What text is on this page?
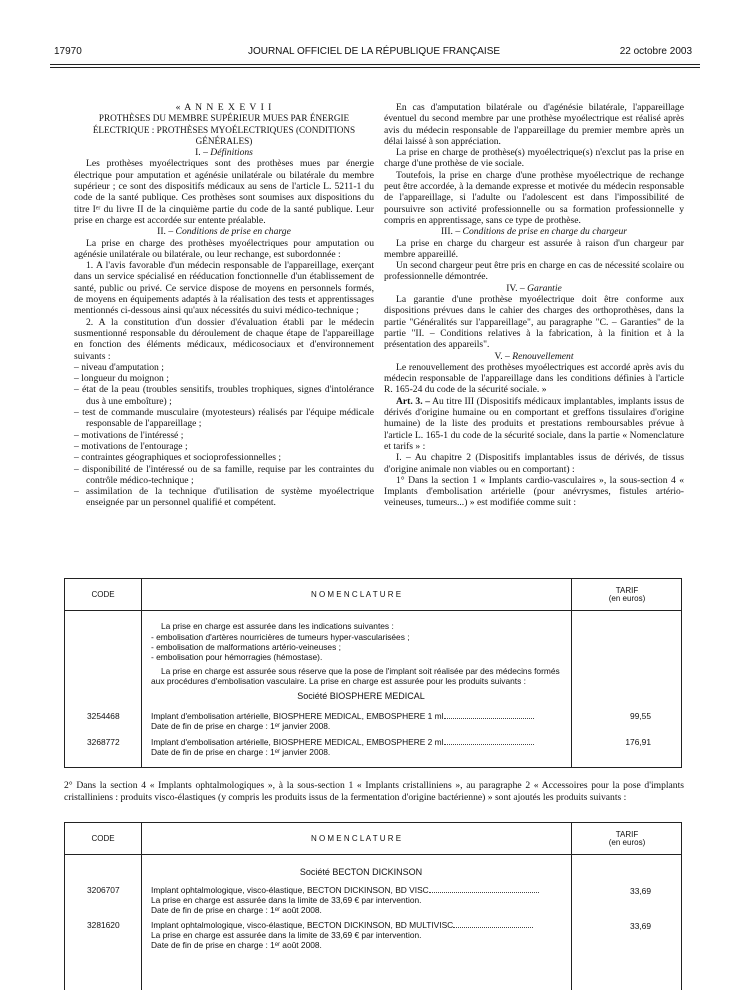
17970	JOURNAL OFFICIEL DE LA RÉPUBLIQUE FRANÇAISE	22 octobre 2003

« A N N E X E V I I

PROTHÈSES DU MEMBRE SUPÉRIEUR MUES PAR ÉNERGIE ÉLECTRIQUE : PROTHÈSES MYOÉLECTRIQUES (CONDITIONS GÉNÉRALES)

I. – Définitions

Les prothèses myoélectriques sont des prothèses mues par énergie électrique pour amputation et agénésie unilatérale ou bilatérale du membre supérieur ; ce sont des dispositifs médicaux au sens de l'article L. 5211-1 du code de la santé publique. Ces prothèses sont soumises aux dispositions du titre Iᵉʳ du livre II de la cinquième partie du code de la santé publique. Leur prise en charge est accordée sur entente préalable.

II. – Conditions de prise en charge

La prise en charge des prothèses myoélectriques pour amputation ou agénésie unilatérale ou bilatérale, ou leur rechange, est subordonnée :

1. A l'avis favorable d'un médecin responsable de l'appareillage, exerçant dans un service spécialisé en rééducation fonctionnelle d'un établissement de santé, public ou privé. Ce service dispose de moyens en personnels formés, de moyens en équipements adaptés à la réalisation des tests et apprentissages mentionnés ci-dessous ainsi qu'aux nécessités du suivi médico-technique ;

2. A la constitution d'un dossier d'évaluation établi par le médecin susmentionné responsable du déroulement de chaque étape de l'appareillage en fonction des éléments médicaux, médicosociaux et d'environnement suivants :

– niveau d'amputation ;

– longueur du moignon ;

– état de la peau (troubles sensitifs, troubles trophiques, signes d'intolérance dus à une emboîture) ;

– test de commande musculaire (myotesteurs) réalisés par l'équipe médicale responsable de l'appareillage ;

– motivations de l'intéressé ;

– motivations de l'entourage ;

– contraintes géographiques et socioprofessionnelles ;

– disponibilité de l'intéressé ou de sa famille, requise par les contraintes du contrôle médico-technique ;

– assimilation de la technique d'utilisation de système myoélectrique enseignée par un personnel qualifié et compétent.

En cas d'amputation bilatérale ou d'agénésie bilatérale, l'appareillage éventuel du second membre par une prothèse myoélectrique est réalisé après avis du médecin responsable de l'appareillage du premier membre après un délai laissé à son appréciation.

La prise en charge de prothèse(s) myoélectrique(s) n'exclut pas la prise en charge d'une prothèse de vie sociale.

Toutefois, la prise en charge d'une prothèse myoélectrique de rechange peut être accordée, à la demande expresse et motivée du médecin responsable de l'appareillage, si l'adulte ou l'adolescent est dans l'impossibilité de poursuivre son activité professionnelle ou sa formation professionnelle y compris en apprentissage, sans ce type de prothèse.

III. – Conditions de prise en charge du chargeur

La prise en charge du chargeur est assurée à raison d'un chargeur par membre appareillé.

Un second chargeur peut être pris en charge en cas de nécessité scolaire ou professionnelle démontrée.

IV. – Garantie

La garantie d'une prothèse myoélectrique doit être conforme aux dispositions prévues dans le cahier des charges des orthoprothèses, dans la partie "Généralités sur l'appareillage", au paragraphe "C. – Garanties" de la partie "II. – Conditions relatives à la fabrication, à la finition et à la présentation des appareils".

V. – Renouvellement

Le renouvellement des prothèses myoélectriques est accordé après avis du médecin responsable de l'appareillage dans les conditions définies à l'article R. 165-24 du code de la sécurité sociale. »

Art. 3. – Au titre III (Dispositifs médicaux implantables, implants issus de dérivés d'origine humaine ou en comportant et greffons tissulaires d'origine humaine) de la liste des produits et prestations remboursables prévue à l'article L. 165-1 du code de la sécurité sociale, dans la partie « Nomenclature et tarifs » :

I. – Au chapitre 2 (Dispositifs implantables issus de dérivés, de tissus d'origine animale non viables ou en comportant) :

1° Dans la section 1 « Implants cardio-vasculaires », la sous-section 4 « Implants d'embolisation artérielle (pour anévrysmes, fistules artério-veineuses, tumeurs...) » est modifiée comme suit :

CODE	N O M E N C L A T U R E	TARIF
(en euros)
La prise en charge est assurée dans les indications suivantes :
- embolisation d'artères nourricières de tumeurs hyper-vascularisées ;
- embolisation de malformations artério-veineuses ;
- embolisation pour hémorragies (hémostase).
La prise en charge est assurée sous réserve que la pose de l'implant soit réalisée par des médecins formés aux procédures d'embolisation vasculaire. La prise en charge est assurée pour les produits suivants :
Société BIOSPHERE MEDICAL
3254468	Implant d'embolisation artérielle, BIOSPHERE MEDICAL, EMBOSPHERE 1 ml
Date de fin de prise en charge : 1ᵉʳ janvier 2008.
99,55
3268772	Implant d'embolisation artérielle, BIOSPHERE MEDICAL, EMBOSPHERE 2 ml
Date de fin de prise en charge : 1ᵉʳ janvier 2008.
176,91

2° Dans la section 4 « Implants ophtalmologiques », à la sous-section 1 « Implants cristalliniens », au paragraphe 2 « Accessoires pour la pose d'implants cristalliniens : produits visco-élastiques (y compris les produits issus de la fermentation d'origine bactérienne) » sont ajoutés les produits suivants :

CODE	N O M E N C L A T U R E	TARIF
(en euros)
Société BECTON DICKINSON
3206707	Implant ophtalmologique, visco-élastique, BECTON DICKINSON, BD VISC
La prise en charge est assurée dans la limite de 33,69 € par intervention.
Date de fin de prise en charge : 1ᵉʳ août 2008.
33,69
3281620	Implant ophtalmologique, visco-élastique, BECTON DICKINSON, BD MULTIVISC
La prise en charge est assurée dans la limite de 33,69 € par intervention.
Date de fin de prise en charge : 1ᵉʳ août 2008.
33,69
